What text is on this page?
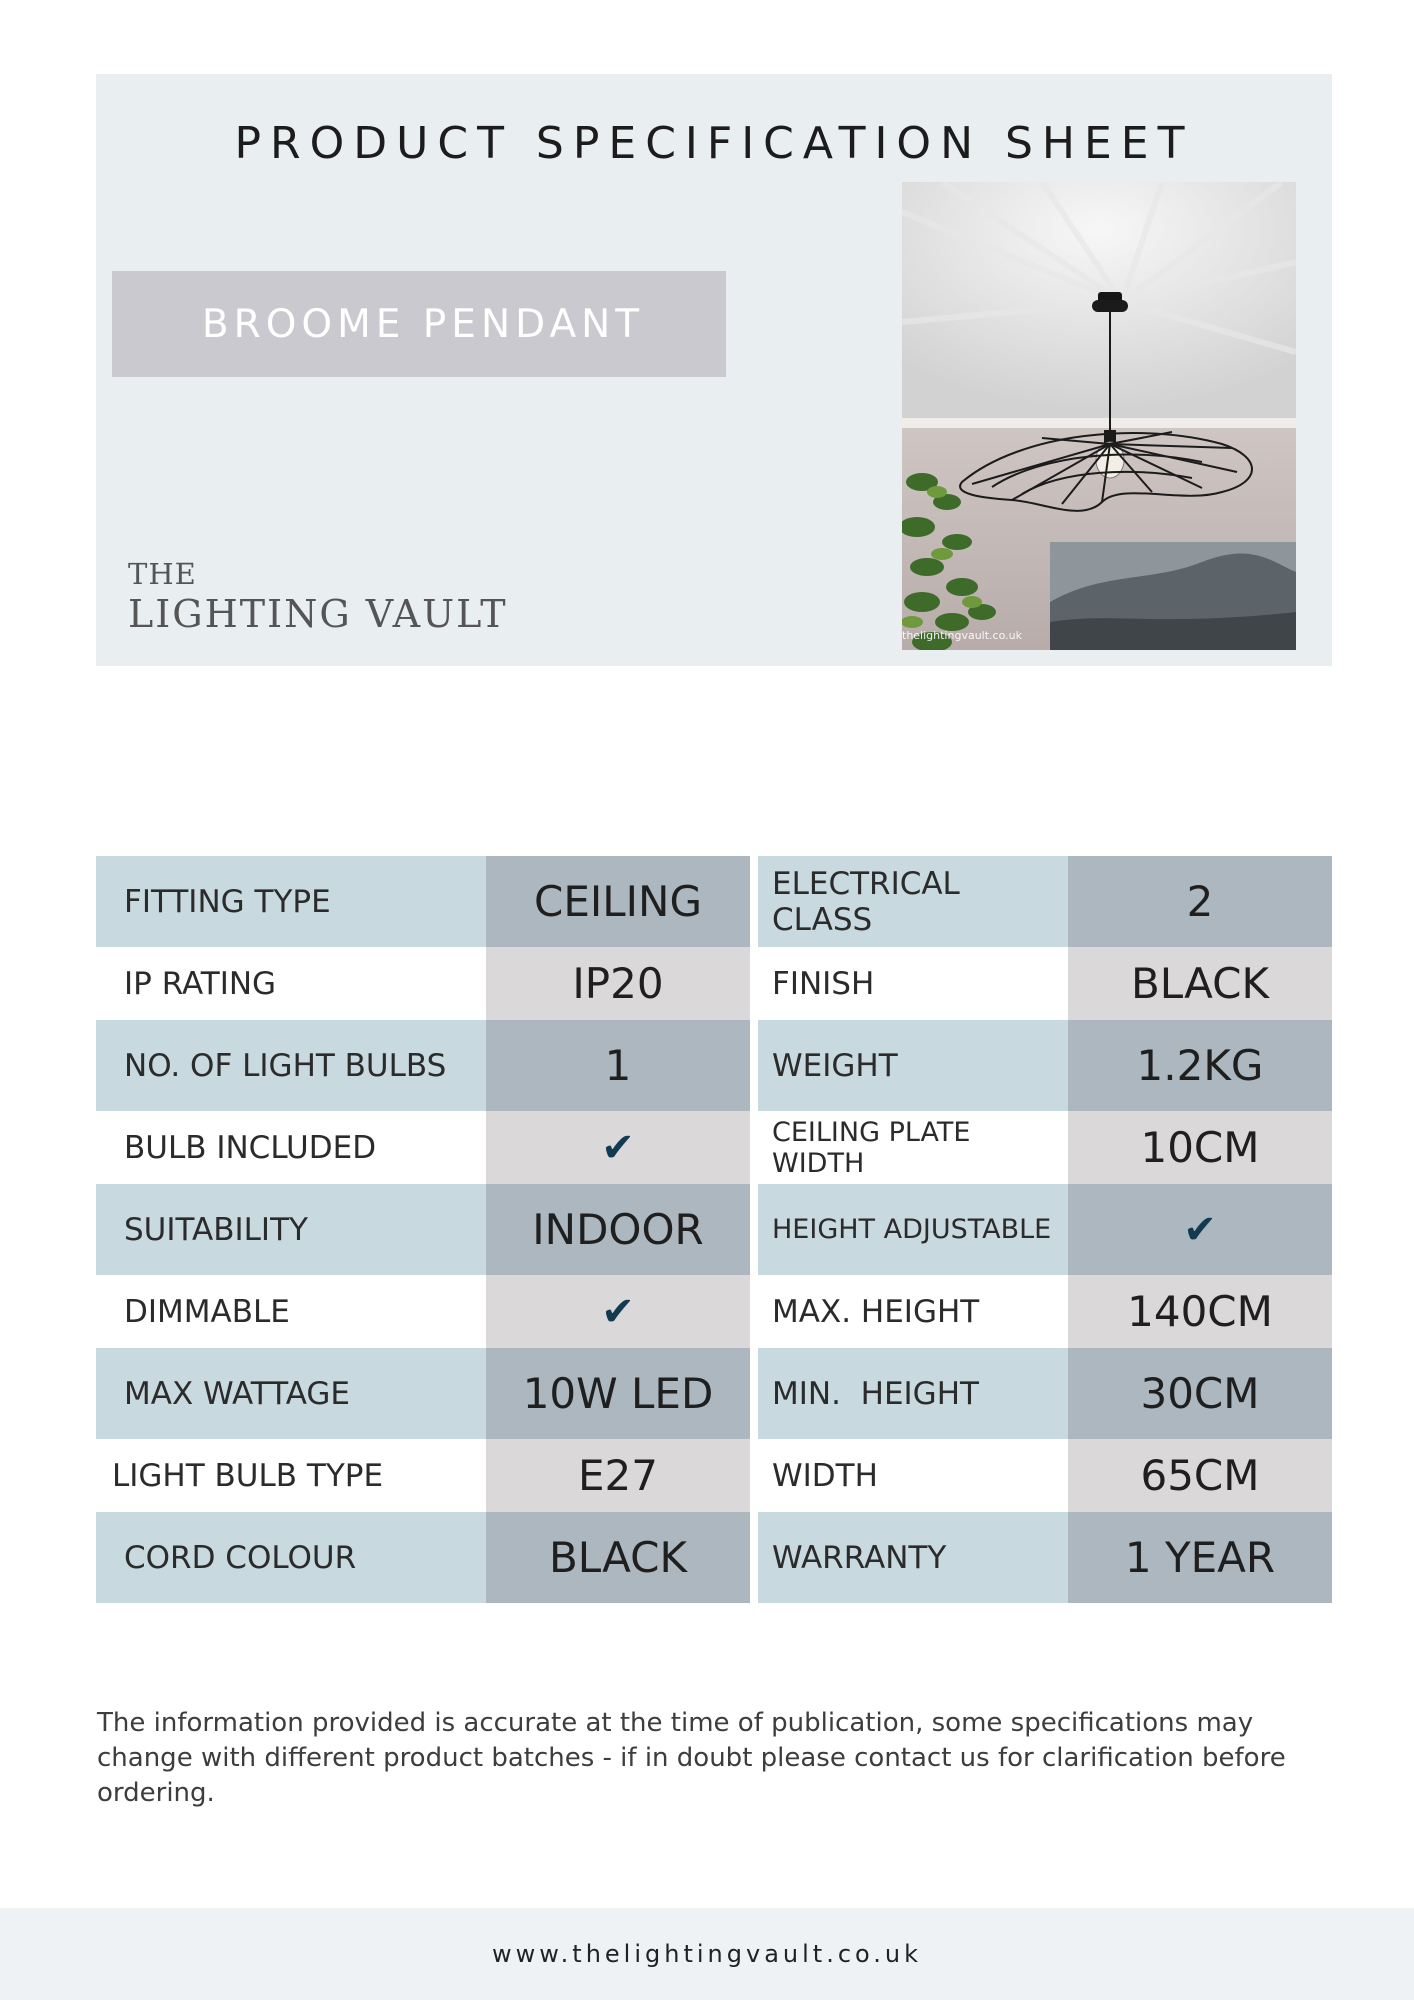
PRODUCT SPECIFICATION SHEET
BROOME PENDANT
THE
LIGHTING VAULT	thelightingvault.co.uk
FITTING TYPE	CEILING
IP RATING	IP20
NO. OF LIGHT BULBS	1
BULB INCLUDED	✔
SUITABILITY	INDOOR
DIMMABLE	✔
MAX WATTAGE	10W LED
LIGHT BULB TYPE	E27
CORD COLOUR	BLACK
ELECTRICAL CLASS	2
FINISH	BLACK
WEIGHT	1.2KG
CEILING PLATE WIDTH	10CM
HEIGHT ADJUSTABLE	✔
MAX. HEIGHT	140CM
MIN.  HEIGHT	30CM
WIDTH	65CM
WARRANTY	1 YEAR

The information provided is accurate at the time of publication, some specifications may change with different product batches - if in doubt please contact us for clarification before ordering.

www.thelightingvault.co.uk
